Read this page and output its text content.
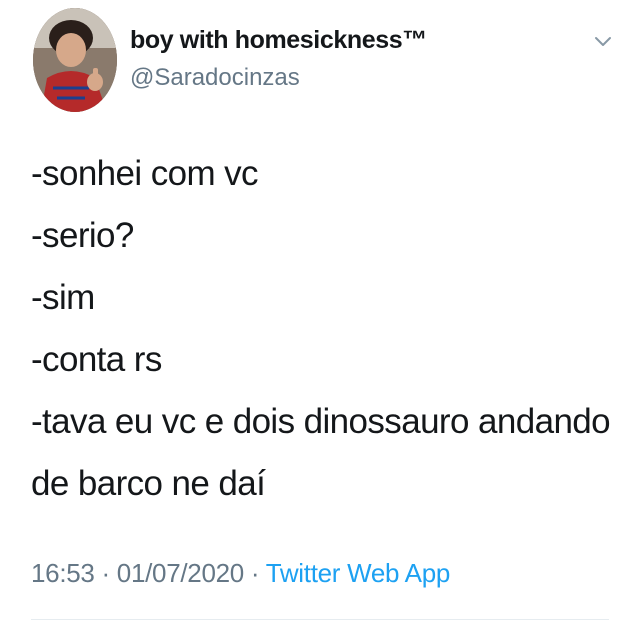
boy with homesickness™
@Saradocinzas
-sonhei com vc
-serio?
-sim
-conta rs
-tava eu vc e dois dinossauro andando
de barco ne daí
16:53 · 01/07/2020 · Twitter Web App
